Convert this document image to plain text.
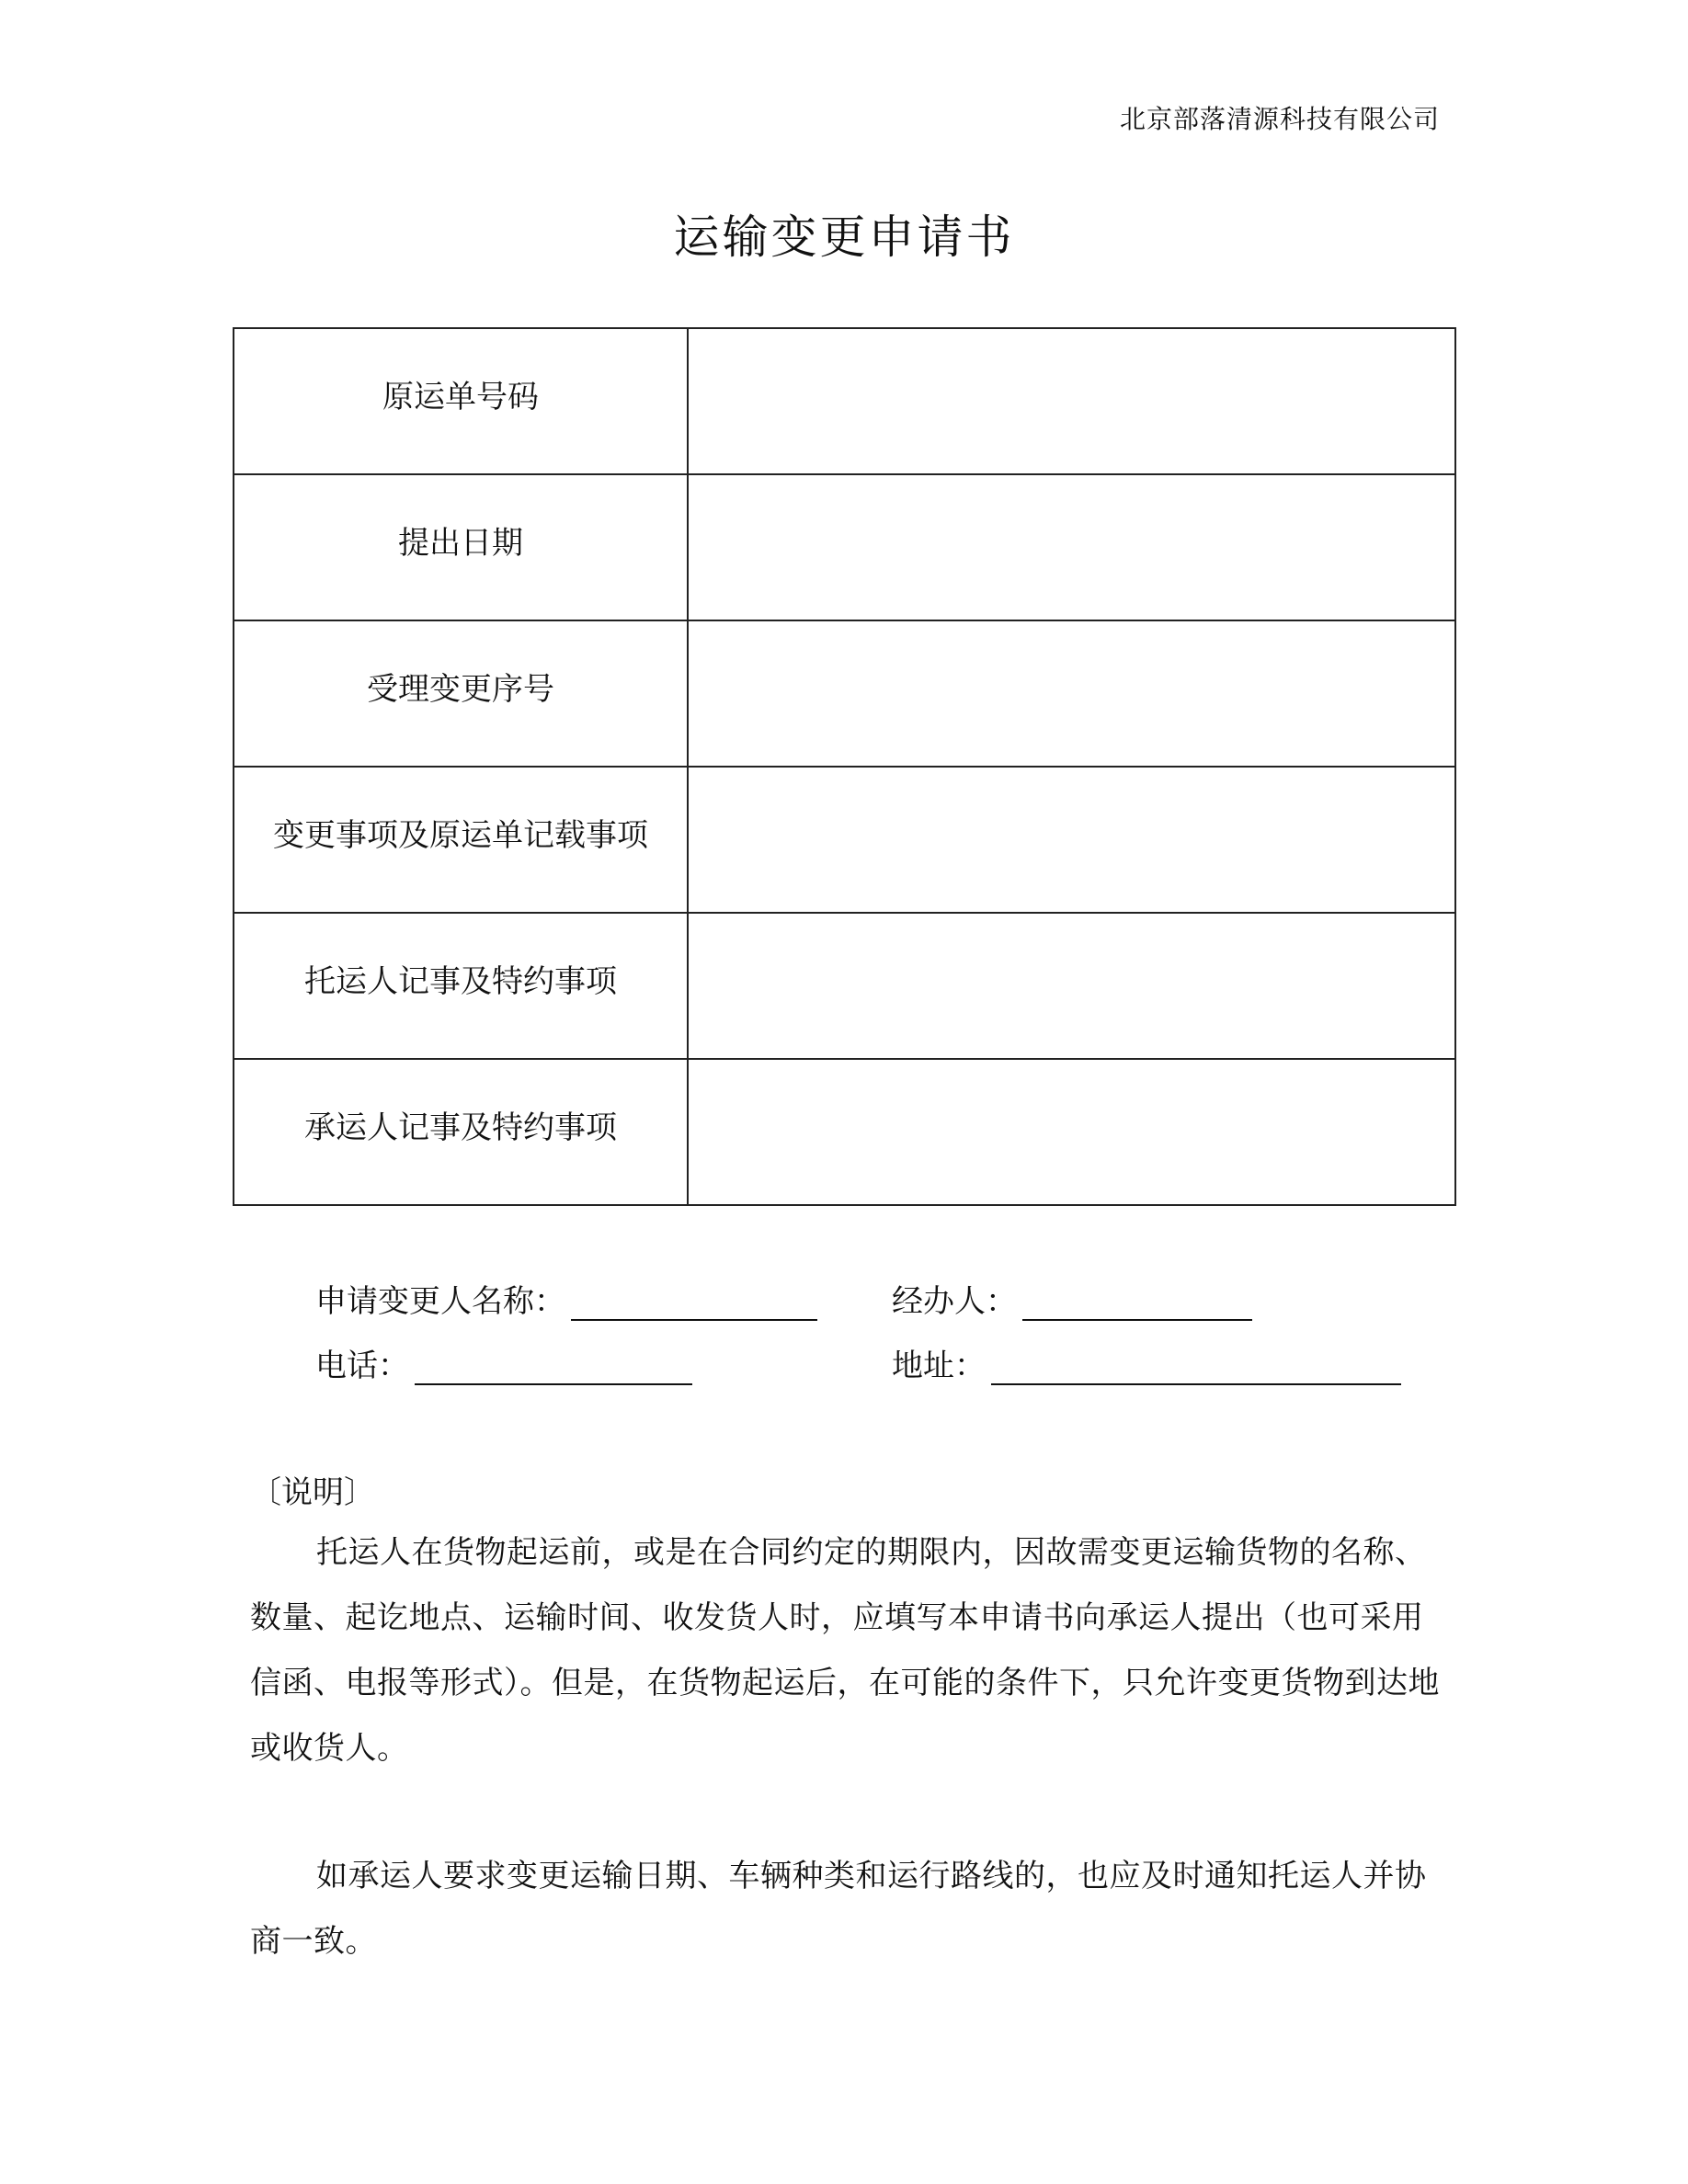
北京部落清源科技有限公司
运输变更申请书
原运单号码	
提出日期	
受理变更序号	
变更事项及原运单记载事项	
托运人记事及特约事项	
承运人记事及特约事项	
申请变更人名称：	经办人：
电话：	地址：
〔说明〕
托运人在货物起运前，或是在合同约定的期限内，因故需变更运输货物的名称、数量、起讫地点、运输时间、收发货人时，应填写本申请书向承运人提出（也可采用信函、电报等形式）。但是，在货物起运后，在可能的条件下，只允许变更货物到达地或收货人。
如承运人要求变更运输日期、车辆种类和运行路线的，也应及时通知托运人并协商一致。
